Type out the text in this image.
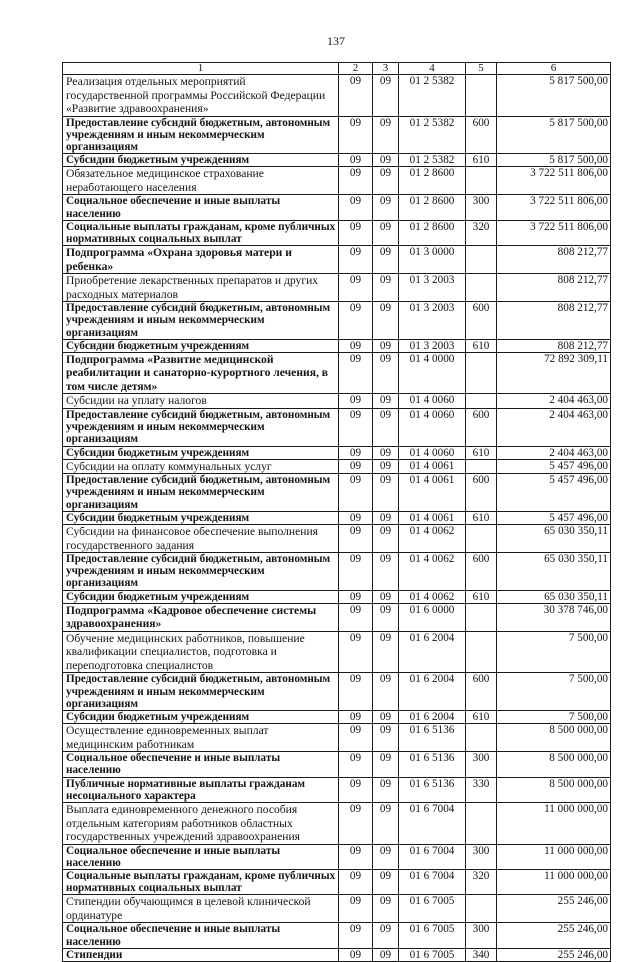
137
1	2	3	4	5	6
Реализация отдельных мероприятий
государственной программы Российской Федерации
«Развитие здравоохранения»	09	09	01 2 5382		5 817 500,00
Предоставление субсидий бюджетным, автономным
учреждениям и иным некоммерческим организациям	09	09	01 2 5382	600	5 817 500,00
Субсидии бюджетным учреждениям	09	09	01 2 5382	610	5 817 500,00
Обязательное медицинское страхование
неработающего населения	09	09	01 2 8600		3 722 511 806,00
Социальное обеспечение и иные выплаты населению	09	09	01 2 8600	300	3 722 511 806,00
Социальные выплаты гражданам, кроме публичных
нормативных социальных выплат	09	09	01 2 8600	320	3 722 511 806,00
Подпрограмма «Охрана здоровья матери и
ребенка»	09	09	01 3 0000		808 212,77
Приобретение лекарственных препаратов и других
расходных материалов	09	09	01 3 2003		808 212,77
Предоставление субсидий бюджетным, автономным
учреждениям и иным некоммерческим организациям	09	09	01 3 2003	600	808 212,77
Субсидии бюджетным учреждениям	09	09	01 3 2003	610	808 212,77
Подпрограмма «Развитие медицинской
реабилитации и санаторно-курортного лечения, в
том числе детям»	09	09	01 4 0000		72 892 309,11
Субсидии на уплату налогов	09	09	01 4 0060		2 404 463,00
Предоставление субсидий бюджетным, автономным
учреждениям и иным некоммерческим организациям	09	09	01 4 0060	600	2 404 463,00
Субсидии бюджетным учреждениям	09	09	01 4 0060	610	2 404 463,00
Субсидии на оплату коммунальных услуг	09	09	01 4 0061		5 457 496,00
Предоставление субсидий бюджетным, автономным
учреждениям и иным некоммерческим организациям	09	09	01 4 0061	600	5 457 496,00
Субсидии бюджетным учреждениям	09	09	01 4 0061	610	5 457 496,00
Субсидии на финансовое обеспечение выполнения
государственного задания	09	09	01 4 0062		65 030 350,11
Предоставление субсидий бюджетным, автономным
учреждениям и иным некоммерческим организациям	09	09	01 4 0062	600	65 030 350,11
Субсидии бюджетным учреждениям	09	09	01 4 0062	610	65 030 350,11
Подпрограмма «Кадровое обеспечение системы
здравоохранения»	09	09	01 6 0000		30 378 746,00
Обучение медицинских работников, повышение
квалификации специалистов, подготовка и
переподготовка специалистов	09	09	01 6 2004		7 500,00
Предоставление субсидий бюджетным, автономным
учреждениям и иным некоммерческим организациям	09	09	01 6 2004	600	7 500,00
Субсидии бюджетным учреждениям	09	09	01 6 2004	610	7 500,00
Осуществление единовременных выплат
медицинским работникам	09	09	01 6 5136		8 500 000,00
Социальное обеспечение и иные выплаты населению	09	09	01 6 5136	300	8 500 000,00
Публичные нормативные выплаты гражданам
несоциального характера	09	09	01 6 5136	330	8 500 000,00
Выплата единовременного денежного пособия
отдельным категориям работников областных
государственных учреждений здравоохранения	09	09	01 6 7004		11 000 000,00
Социальное обеспечение и иные выплаты населению	09	09	01 6 7004	300	11 000 000,00
Социальные выплаты гражданам, кроме публичных
нормативных социальных выплат	09	09	01 6 7004	320	11 000 000,00
Стипендии обучающимся в целевой клинической
ординатуре	09	09	01 6 7005		255 246,00
Социальное обеспечение и иные выплаты населению	09	09	01 6 7005	300	255 246,00
Стипендии	09	09	01 6 7005	340	255 246,00
